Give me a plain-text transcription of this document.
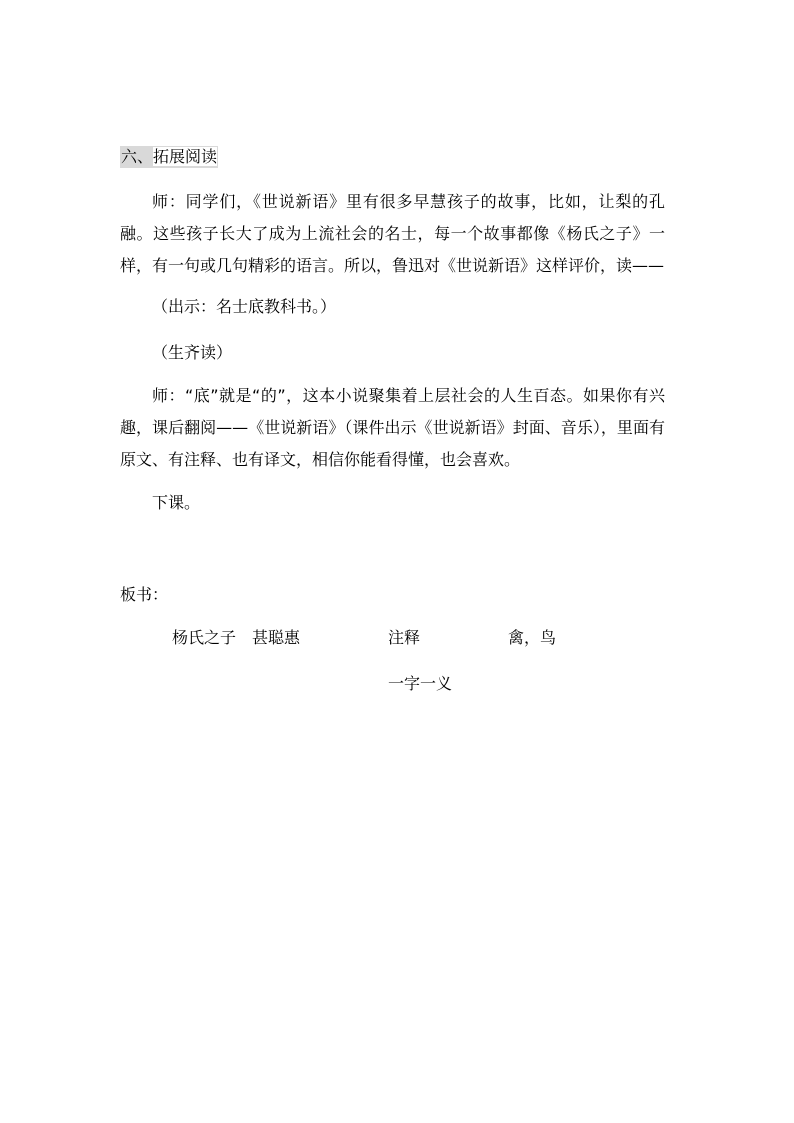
六、拓展阅读

师：同学们，《世说新语》里有很多早慧孩子的故事，比如，让梨的孔融。这些孩子长大了成为上流社会的名士，每一个故事都像《杨氏之子》一样，有一句或几句精彩的语言。所以，鲁迅对《世说新语》这样评价，读——

（出示：名士底教科书。）
（生齐读）

师：“底”就是“的”，这本小说聚集着上层社会的人生百态。如果你有兴趣，课后翻阅——《世说新语》（课件出示《世说新语》封面、音乐），里面有原文、有注释、也有译文，相信你能看得懂，也会喜欢。

下课。
板书：
杨氏之子 甚聪惠	注释	禽，鸟
一字一义
